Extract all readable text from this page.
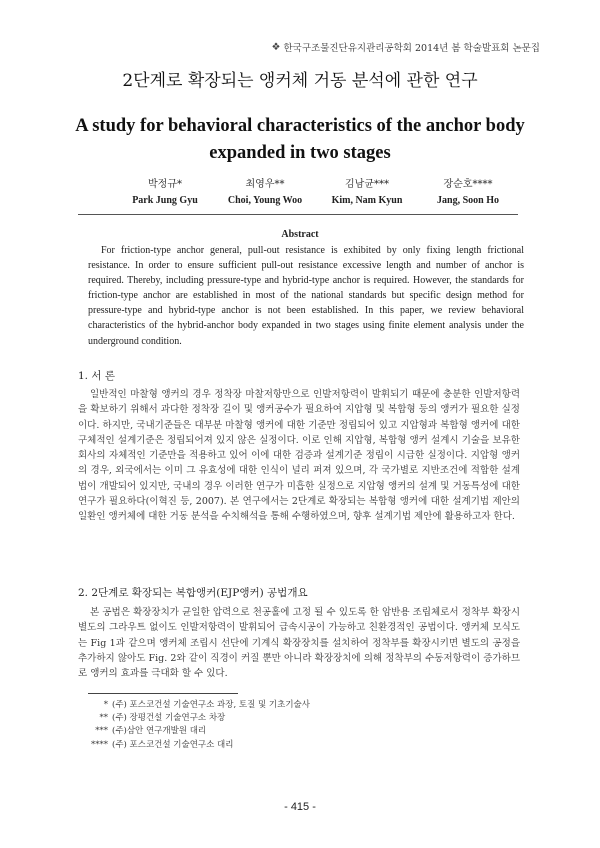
❖ 한국구조물진단유지관리공학회 2014년 봄 학술발표회 논문집
2단계로 확장되는 앵커체 거동 분석에 관한 연구
A study for behavioral characteristics of the anchor body
expanded in two stages
박정규*
Park Jung Gyu
최영우**
Choi, Young Woo
김남균***
Kim, Nam Kyun
장순호****
Jang, Soon Ho
Abstract

For friction-type anchor general, pull-out resistance is exhibited by only fixing length frictional resistance. In order to ensure sufficient pull-out resistance excessive length and number of anchor is required. Thereby, including pressure-type and hybrid-type anchor is required. However, the standards for friction-type anchor are established in most of the national standards but specific design method for pressure-type and hybrid-type anchor is not been established. In this paper, we review behavioral characteristics of the hybrid-anchor body expanded in two stages using finite element analysis under the underground condition.

1. 서 론

일반적인 마찰형 앵커의 경우 정착장 마찰저항만으로 인발저항력이 발휘되기 때문에 충분한 인발저항력을 확보하기 위해서 과다한 정착장 길이 및 앵커공수가 필요하여 지압형 및 복합형 등의 앵커가 필요한 실정이다. 하지만, 국내기준들은 대부분 마찰형 앵커에 대한 기준만 정립되어 있고 지압형과 복합형 앵커에 대한 구체적인 설계기준은 정립되어져 있지 않은 실정이다. 이로 인해 지압형, 복합형 앵커 설계시 기술을 보유한 회사의 자체적인 기준만을 적용하고 있어 이에 대한 검증과 설계기준 정립이 시급한 실정이다. 지압형 앵커의 경우, 외국에서는 이미 그 유효성에 대한 인식이 널리 퍼져 있으며, 각 국가별로 지반조건에 적합한 설계법이 개발되어 있지만, 국내의 경우 이러한 연구가 미흡한 실정으로 지압형 앵커의 설계 및 거동특성에 대한 연구가 필요하다(이혁진 등, 2007). 본 연구에서는 2단계로 확장되는 복합형 앵커에 대한 설계기법 제안의 일환인 앵커체에 대한 거동 분석을 수치해석을 통해 수행하였으며, 향후 설계기법 제안에 활용하고자 한다.

2. 2단계로 확장되는 복합앵커(EJP앵커) 공법개요

본 공법은 확장장치가 균일한 압력으로 천공홀에 고정 될 수 있도록 한 암반용 조립체로서 정착부 확장시 별도의 그라우트 없이도 인발저항력이 발휘되어 급속시공이 가능하고 친환경적인 공법이다. 앵커체 모식도는 Fig 1과 같으며 앵커체 조립시 선단에 기계식 확장장치를 설치하여 정착부를 확장시키면 별도의 공정을 추가하지 않아도 Fig. 2와 같이 직경이 커질 뿐만 아니라 확장장치에 의해 정착부의 수동저항력이 증가하므로 앵커의 효과를 극대화 할 수 있다.

* (주) 포스코건설 기술연구소 과장, 토질 및 기초기술사
** (주) 장평건설 기술연구소 차장
*** (주)삼안 연구개발원 대리
**** (주) 포스코건설 기술연구소 대리
- 415 -
